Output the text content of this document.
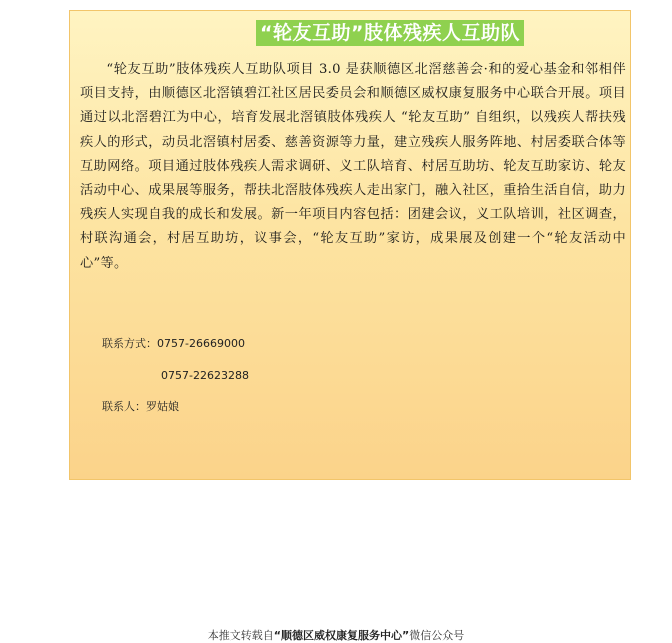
“轮友互助”肢体残疾人互助队

“轮友互助”肢体残疾人互助队项目 3.0 是获顺德区北滘慈善会·和的爱心基金和邻相伴项目支持，由顺德区北滘镇碧江社区居民委员会和顺德区威权康复服务中心联合开展。项目通过以北滘碧江为中心，培育发展北滘镇肢体残疾人 “轮友互助” 自组织，以残疾人帮扶残疾人的形式，动员北滘镇村居委、慈善资源等力量，建立残疾人服务阵地、村居委联合体等互助网络。项目通过肢体残疾人需求调研、义工队培育、村居互助坊、轮友互助家访、轮友活动中心、成果展等服务，帮扶北滘肢体残疾人走出家门，融入社区，重拾生活自信，助力残疾人实现自我的成长和发展。新一年项目内容包括：团建会议，义工队培训，社区调查，村联沟通会，村居互助坊，议事会，“轮友互助”家访，成果展及创建一个“轮友活动中心”等。

联系方式：0757-26669000
0757-22623288
联系人：罗姑娘
本推文转载自“顺德区威权康复服务中心”微信公众号
